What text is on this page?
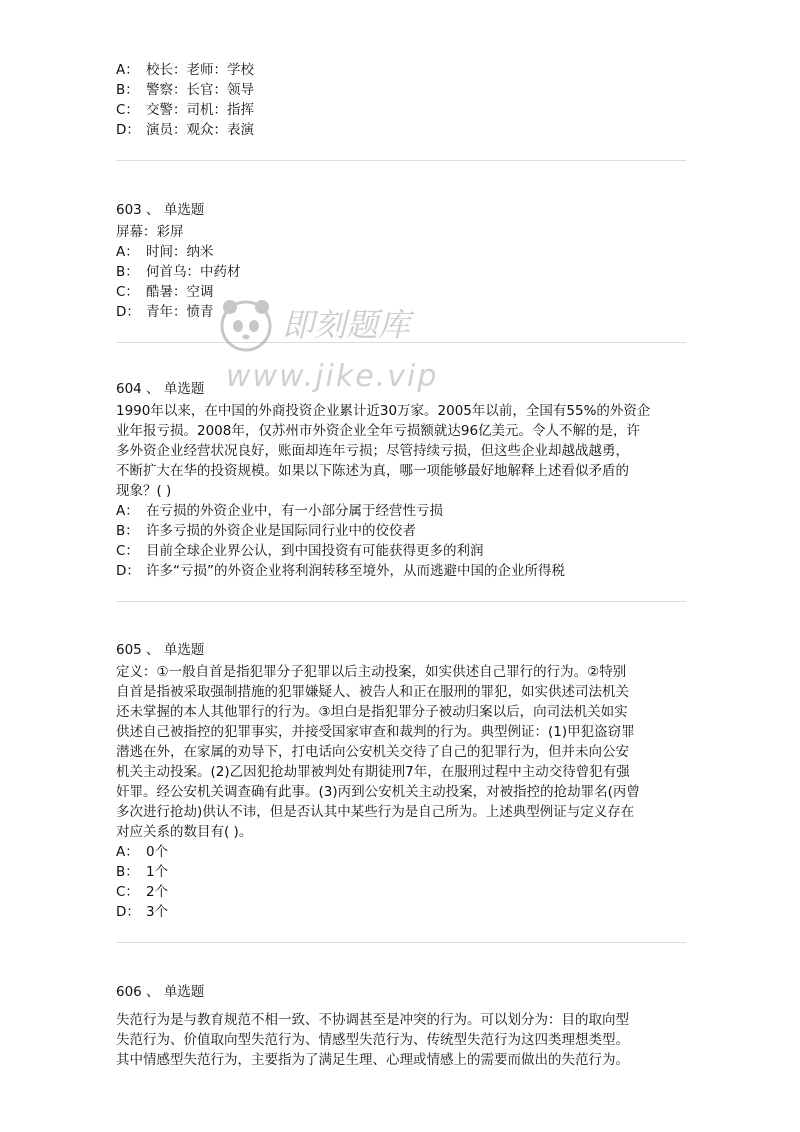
A： 校长：老师：学校
B： 警察：长官：领导
C： 交警：司机：指挥
D： 演员：观众：表演
603 、 单选题
屏幕：彩屏
A： 时间：纳米
B： 何首乌：中药材
C： 酷暑：空调
D： 青年：愤青
604 、 单选题
1990年以来，在中国的外商投资企业累计近30万家。2005年以前，全国有55%的外资企
业年报亏损。2008年，仅苏州市外资企业全年亏损额就达96亿美元。令人不解的是，许
多外资企业经营状况良好，账面却连年亏损；尽管持续亏损，但这些企业却越战越勇，
不断扩大在华的投资规模。如果以下陈述为真，哪一项能够最好地解释上述看似矛盾的
现象？( )
A： 在亏损的外资企业中，有一小部分属于经营性亏损
B： 许多亏损的外资企业是国际同行业中的佼佼者
C： 目前全球企业界公认，到中国投资有可能获得更多的利润
D： 许多“亏损”的外资企业将利润转移至境外，从而逃避中国的企业所得税
605 、 单选题
定义：①一般自首是指犯罪分子犯罪以后主动投案，如实供述自己罪行的行为。②特别
自首是指被采取强制措施的犯罪嫌疑人、被告人和正在服刑的罪犯，如实供述司法机关
还未掌握的本人其他罪行的行为。③坦白是指犯罪分子被动归案以后，向司法机关如实
供述自己被指控的犯罪事实，并接受国家审查和裁判的行为。典型例证：(1)甲犯盗窃罪
潜逃在外，在家属的劝导下，打电话向公安机关交待了自己的犯罪行为，但并未向公安
机关主动投案。(2)乙因犯抢劫罪被判处有期徒刑7年，在服刑过程中主动交待曾犯有强
奸罪。经公安机关调查确有此事。(3)丙到公安机关主动投案，对被指控的抢劫罪名(丙曾
多次进行抢劫)供认不讳，但是否认其中某些行为是自己所为。上述典型例证与定义存在
对应关系的数目有( )。
A： 0个
B： 1个
C： 2个
D： 3个
606 、 单选题
失范行为是与教育规范不相一致、不协调甚至是冲突的行为。可以划分为：目的取向型
失范行为、价值取向型失范行为、情感型失范行为、传统型失范行为这四类理想类型。
其中情感型失范行为，主要指为了满足生理、心理或情感上的需要而做出的失范行为。
即刻题库
www.jike.vip
